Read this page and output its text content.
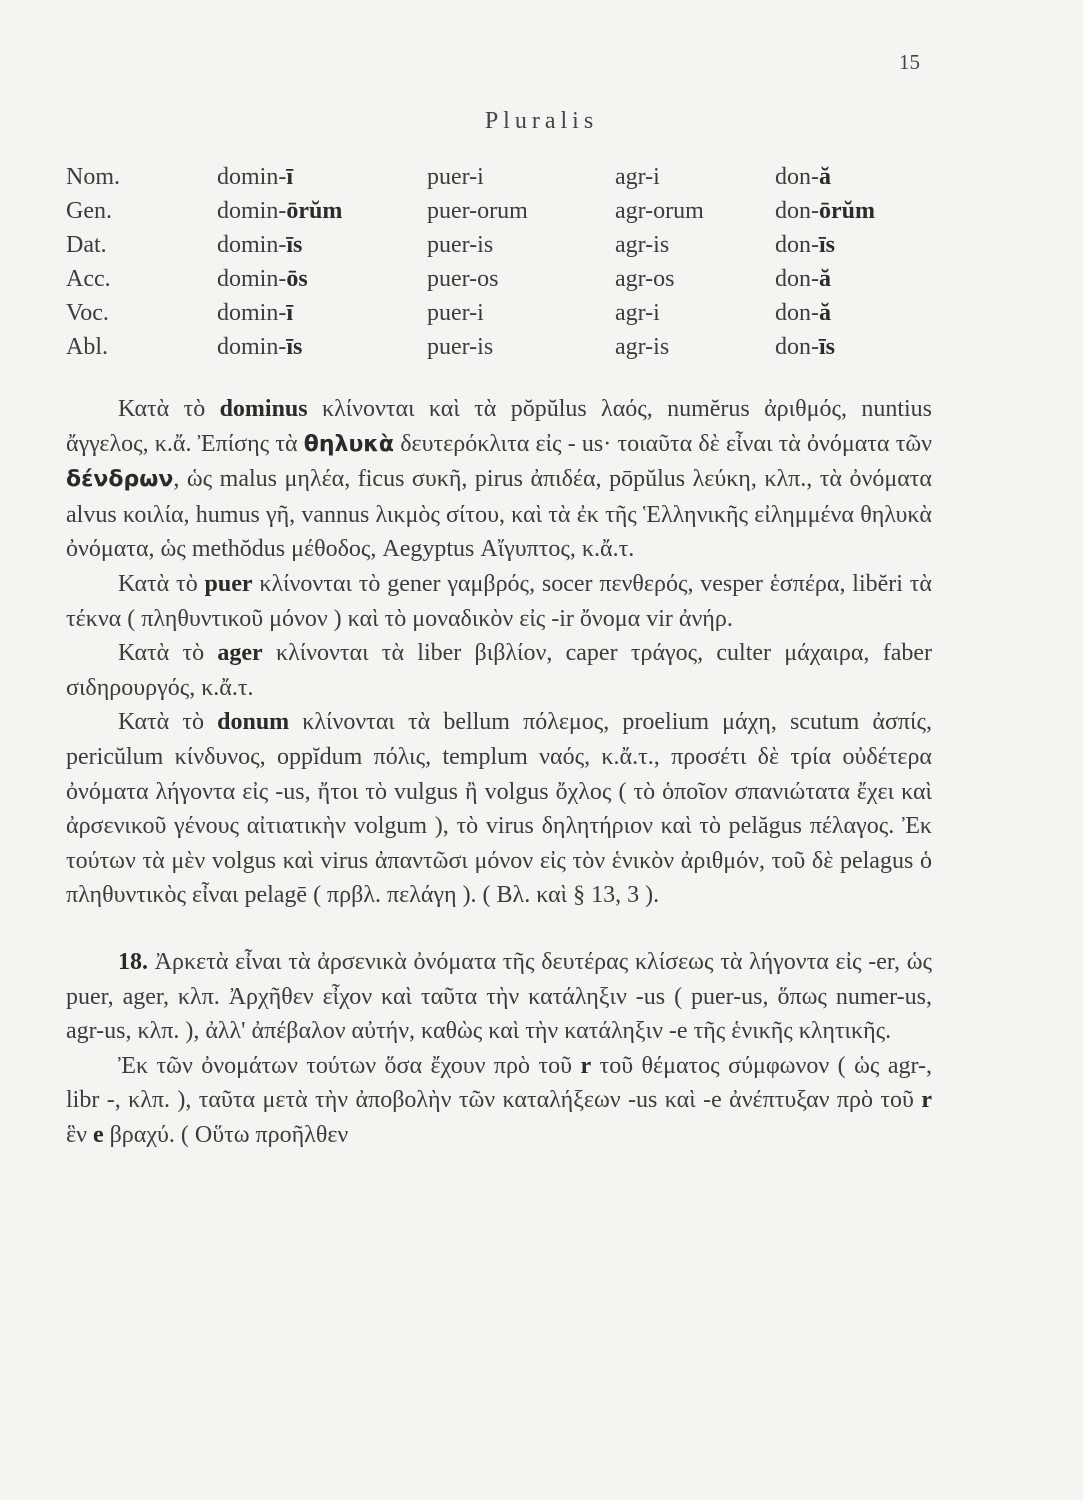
15
Pluralis
Nom.	domin-ī	puer-i	agr-i	don-ă
Gen.	domin-ōrŭm	puer-orum	agr-orum	don-ōrŭm
Dat.	domin-īs	puer-is	agr-is	don-īs
Acc.	domin-ōs	puer-os	agr-os	don-ă
Voc.	domin-ī	puer-i	agr-i	don-ă
Abl.	domin-īs	puer-is	agr-is	don-īs

Κατὰ τὸ dominus κλίνονται καὶ τὰ pŏpŭlus λαός, numĕrus ἀριθμός, nuntius ἄγγελος, κ.ἄ. Ἐπίσης τὰ θηλυκὰ δευτερόκλιτα εἰς - us· τοιαῦτα δὲ εἶναι τὰ ὀνόματα τῶν δένδρων, ὡς malus μηλέα, ficus συκῆ, pirus ἀπιδέα, pōpŭlus λεύκη, κλπ., τὰ ὀνόματα alvus κοιλία, humus γῆ, vannus λικμὸς σίτου, καὶ τὰ ἐκ τῆς Ἑλληνικῆς εἰλημμένα θηλυκὰ ὀνόματα, ὡς methŏdus μέθοδος, Aegyptus Αἴγυπτος, κ.ἄ.τ.

Κατὰ τὸ puer κλίνονται τὸ gener γαμβρός, socer πενθερός, vesper ἑσπέρα, libĕri τὰ τέκνα ( πληθυντικοῦ μόνον ) καὶ τὸ μοναδικὸν εἰς -ir ὄνομα vir ἀνήρ.

Κατὰ τὸ ager κλίνονται τὰ liber βιβλίον, caper τράγος, culter μάχαιρα, faber σιδηρουργός, κ.ἄ.τ.

Κατὰ τὸ donum κλίνονται τὰ bellum πόλεμος, proelium μάχη, scutum ἀσπίς, pericŭlum κίνδυνος, oppĭdum πόλις, templum ναός, κ.ἄ.τ., προσέτι δὲ τρία οὐδέτερα ὀνόματα λήγοντα εἰς -us, ἤτοι τὸ vulgus ἢ volgus ὄχλος ( τὸ ὁποῖον σπανιώτατα ἔχει καὶ ἀρσενικοῦ γένους αἰτιατικὴν volgum ), τὸ virus δηλητήριον καὶ τὸ pelăgus πέλαγος. Ἐκ τούτων τὰ μὲν volgus καὶ virus ἀπαντῶσι μόνον εἰς τὸν ἑνικὸν ἀριθμόν, τοῦ δὲ pelagus ὁ πληθυντικὸς εἶναι pelagē ( πρβλ. πελάγη ). ( Βλ. καὶ § 13, 3 ).

18. Ἀρκετὰ εἶναι τὰ ἀρσενικὰ ὀνόματα τῆς δευτέρας κλίσεως τὰ λήγοντα εἰς -er, ὡς puer, ager, κλπ. Ἀρχῆθεν εἶχον καὶ ταῦτα τὴν κατάληξιν -us ( puer-us, ὅπως numer-us, agr-us, κλπ. ), ἀλλ' ἀπέβαλον αὐτήν, καθὼς καὶ τὴν κατάληξιν -e τῆς ἑνικῆς κλητικῆς.

Ἐκ τῶν ὀνομάτων τούτων ὅσα ἔχουν πρὸ τοῦ r τοῦ θέματος σύμφωνον ( ὡς agr-, libr -, κλπ. ), ταῦτα μετὰ τὴν ἀποβολὴν τῶν καταλήξεων -us καὶ -e ἀνέπτυξαν πρὸ τοῦ r ἓν e βραχύ. ( Οὕτω προῆλθεν
